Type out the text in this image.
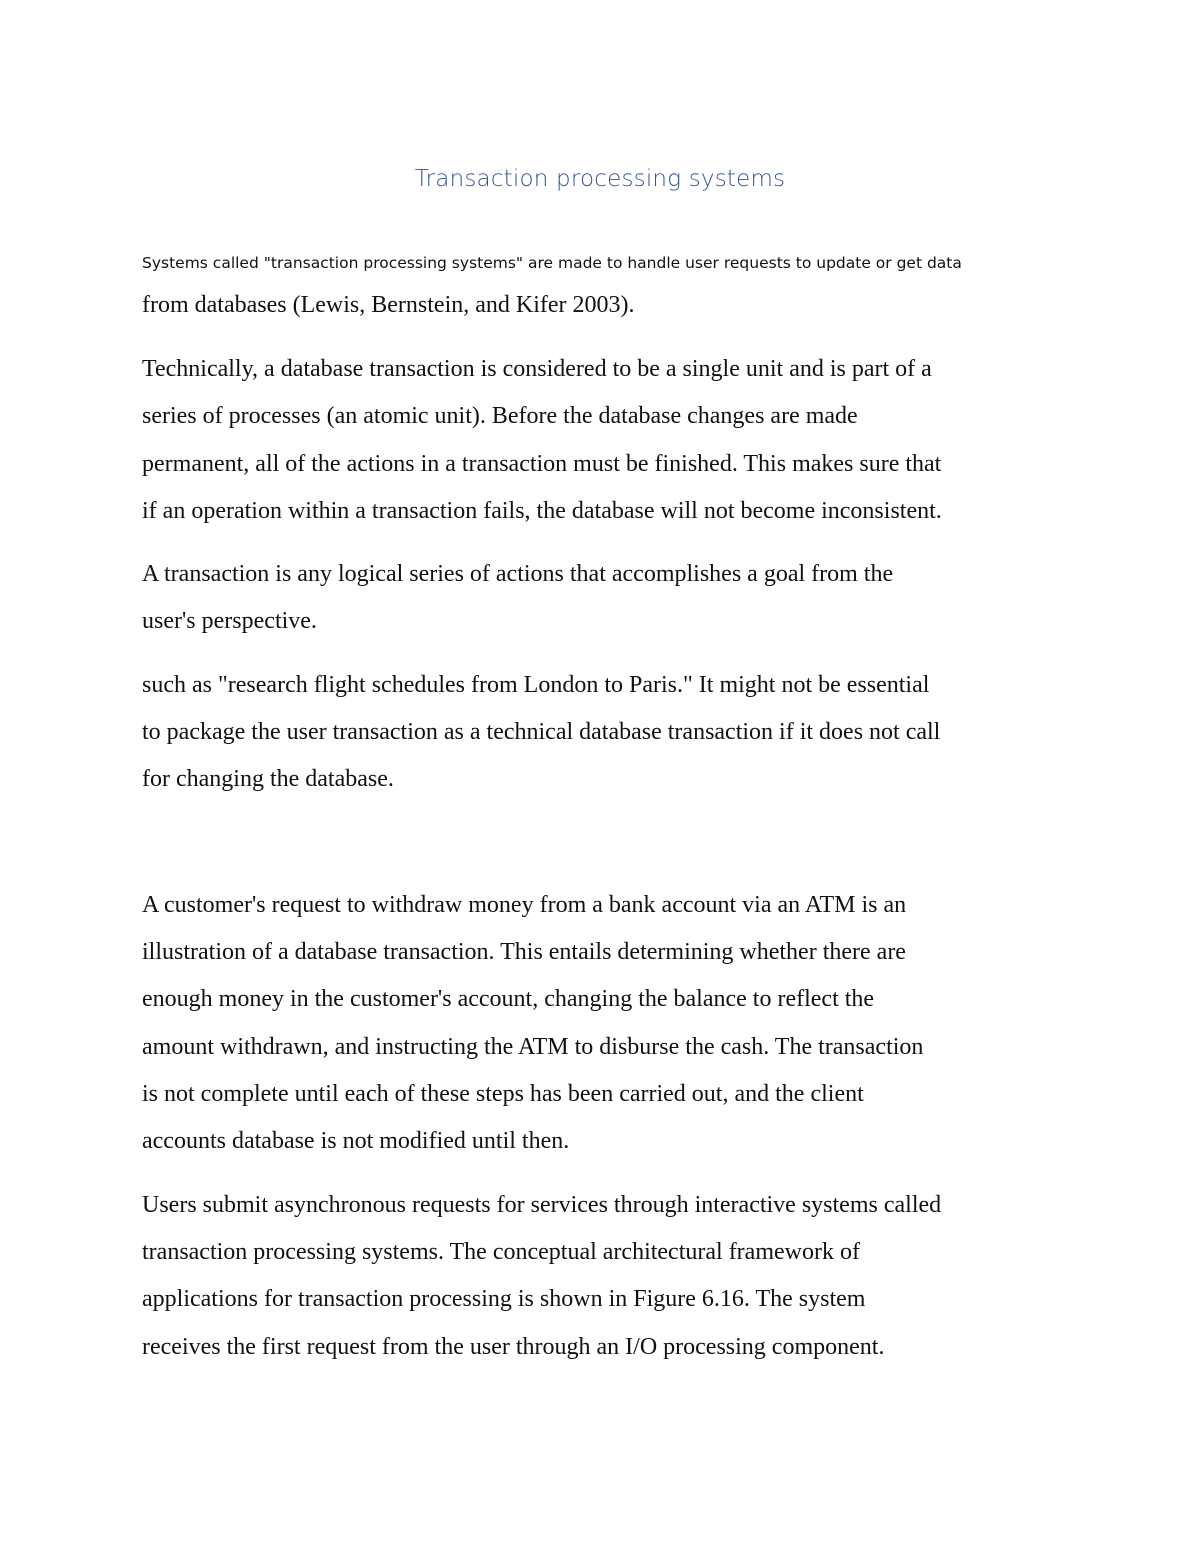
Transaction processing systems

Systems called "transaction processing systems" are made to handle user requests to update or get data

from databases (Lewis, Bernstein, and Kifer 2003).

Technically, a database transaction is considered to be a single unit and is part of a

series of processes (an atomic unit). Before the database changes are made

permanent, all of the actions in a transaction must be finished. This makes sure that

if an operation within a transaction fails, the database will not become inconsistent.

A transaction is any logical series of actions that accomplishes a goal from the

user's perspective.

such as "research flight schedules from London to Paris." It might not be essential

to package the user transaction as a technical database transaction if it does not call

for changing the database.

A customer's request to withdraw money from a bank account via an ATM is an

illustration of a database transaction. This entails determining whether there are

enough money in the customer's account, changing the balance to reflect the

amount withdrawn, and instructing the ATM to disburse the cash. The transaction

is not complete until each of these steps has been carried out, and the client

accounts database is not modified until then.

Users submit asynchronous requests for services through interactive systems called

transaction processing systems. The conceptual architectural framework of

applications for transaction processing is shown in Figure 6.16. The system

receives the first request from the user through an I/O processing component.
